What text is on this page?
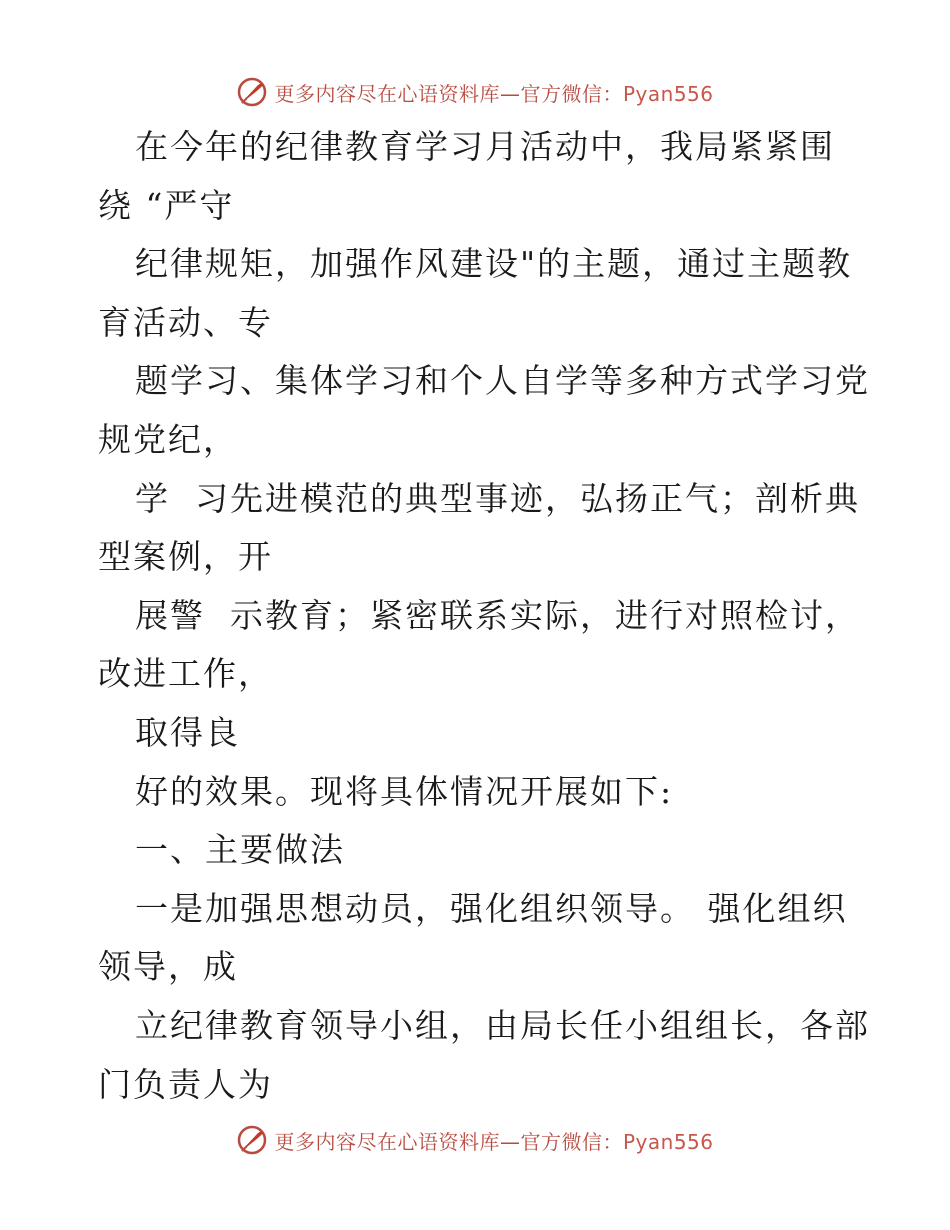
更多内容尽在心语资料库—官方微信：Pyan556
在今年的纪律教育学习月活动中，我局紧紧围
绕 “严守
纪律规矩，加强作风建设"的主题，通过主题教
育活动、专
题学习、集体学习和个人自学等多种方式学习党
规党纪，
学  习先进模范的典型事迹，弘扬正气；剖析典
型案例，开
展警  示教育；紧密联系实际，进行对照检讨，
改进工作，
取得良
好的效果。现将具体情况开展如下:
一、主要做法
一是加强思想动员，强化组织领导。 强化组织
领导，成
立纪律教育领导小组，由局长任小组组长，各部
门负责人为
更多内容尽在心语资料库—官方微信：Pyan556
